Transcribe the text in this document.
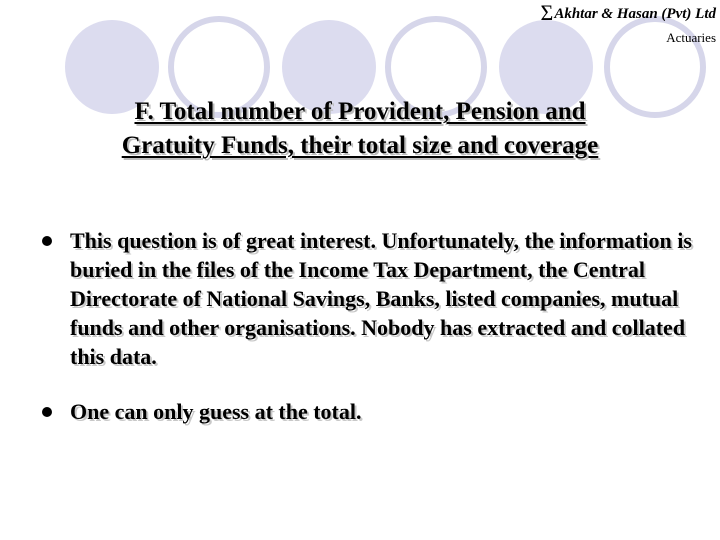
ΣAkhtar & Hasan (Pvt) Ltd
Actuaries
F. Total number of Provident, Pension and
Gratuity Funds, their total size and coverage
This question is of great interest. Unfortunately, the information is buried in the files of the Income Tax Department, the Central Directorate of National Savings, Banks, listed companies, mutual funds and other organisations. Nobody has extracted and collated this data.
One can only guess at the total.
